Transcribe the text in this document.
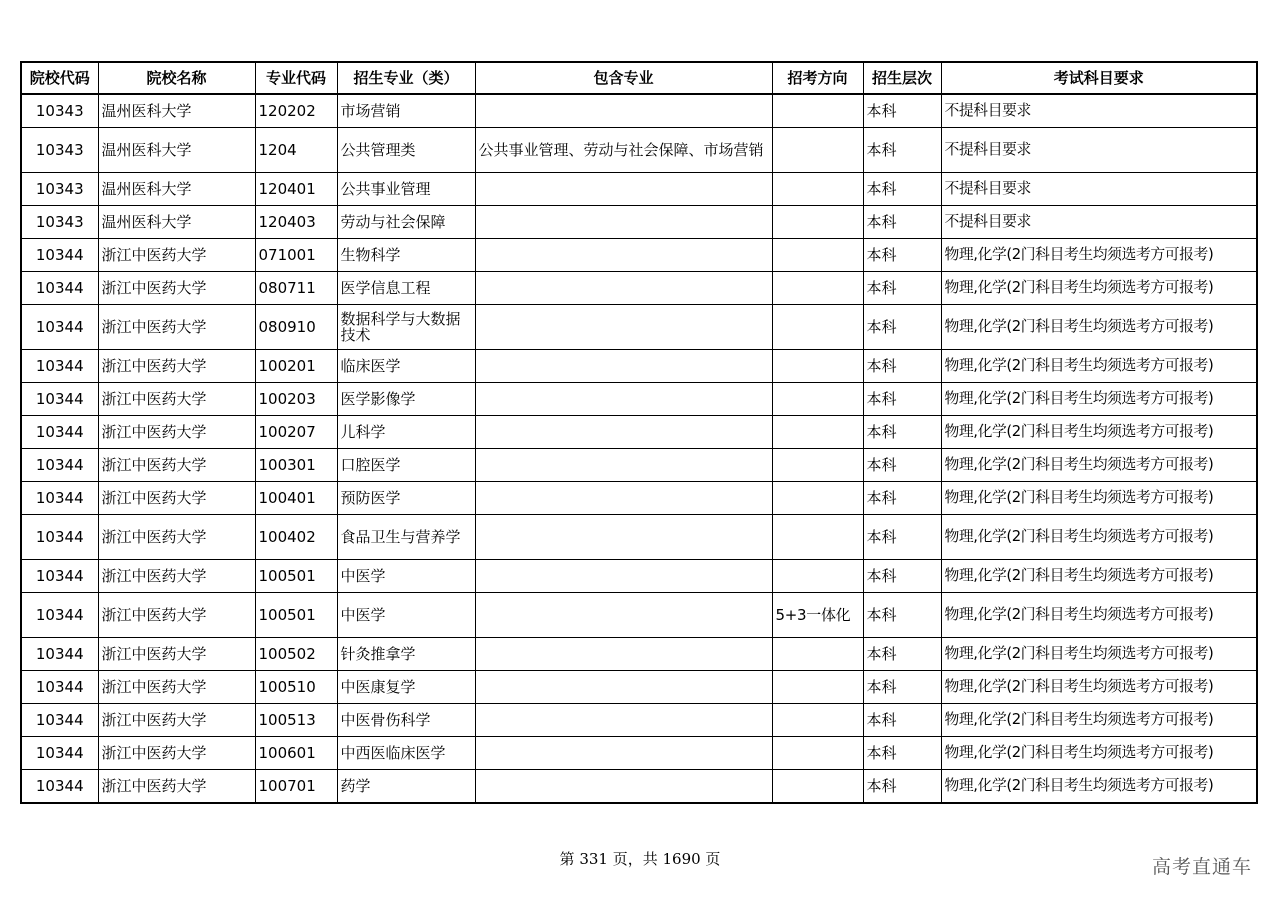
院校代码	院校名称	专业代码	招生专业（类）	包含专业	招考方向	招生层次	考试科目要求
10343	温州医科大学	120202	市场营销			本科	不提科目要求
10343	温州医科大学	1204	公共管理类	公共事业管理、劳动与社会保障、市场营销		本科	不提科目要求
10343	温州医科大学	120401	公共事业管理			本科	不提科目要求
10343	温州医科大学	120403	劳动与社会保障			本科	不提科目要求
10344	浙江中医药大学	071001	生物科学			本科	物理,化学(2门科目考生均须选考方可报考)
10344	浙江中医药大学	080711	医学信息工程			本科	物理,化学(2门科目考生均须选考方可报考)
10344	浙江中医药大学	080910	数据科学与大数据技术			本科	物理,化学(2门科目考生均须选考方可报考)
10344	浙江中医药大学	100201	临床医学			本科	物理,化学(2门科目考生均须选考方可报考)
10344	浙江中医药大学	100203	医学影像学			本科	物理,化学(2门科目考生均须选考方可报考)
10344	浙江中医药大学	100207	儿科学			本科	物理,化学(2门科目考生均须选考方可报考)
10344	浙江中医药大学	100301	口腔医学			本科	物理,化学(2门科目考生均须选考方可报考)
10344	浙江中医药大学	100401	预防医学			本科	物理,化学(2门科目考生均须选考方可报考)
10344	浙江中医药大学	100402	食品卫生与营养学			本科	物理,化学(2门科目考生均须选考方可报考)
10344	浙江中医药大学	100501	中医学			本科	物理,化学(2门科目考生均须选考方可报考)
10344	浙江中医药大学	100501	中医学		5+3一体化	本科	物理,化学(2门科目考生均须选考方可报考)
10344	浙江中医药大学	100502	针灸推拿学			本科	物理,化学(2门科目考生均须选考方可报考)
10344	浙江中医药大学	100510	中医康复学			本科	物理,化学(2门科目考生均须选考方可报考)
10344	浙江中医药大学	100513	中医骨伤科学			本科	物理,化学(2门科目考生均须选考方可报考)
10344	浙江中医药大学	100601	中西医临床医学			本科	物理,化学(2门科目考生均须选考方可报考)
10344	浙江中医药大学	100701	药学			本科	物理,化学(2门科目考生均须选考方可报考)
第 331 页，共 1690 页	高考直通车
